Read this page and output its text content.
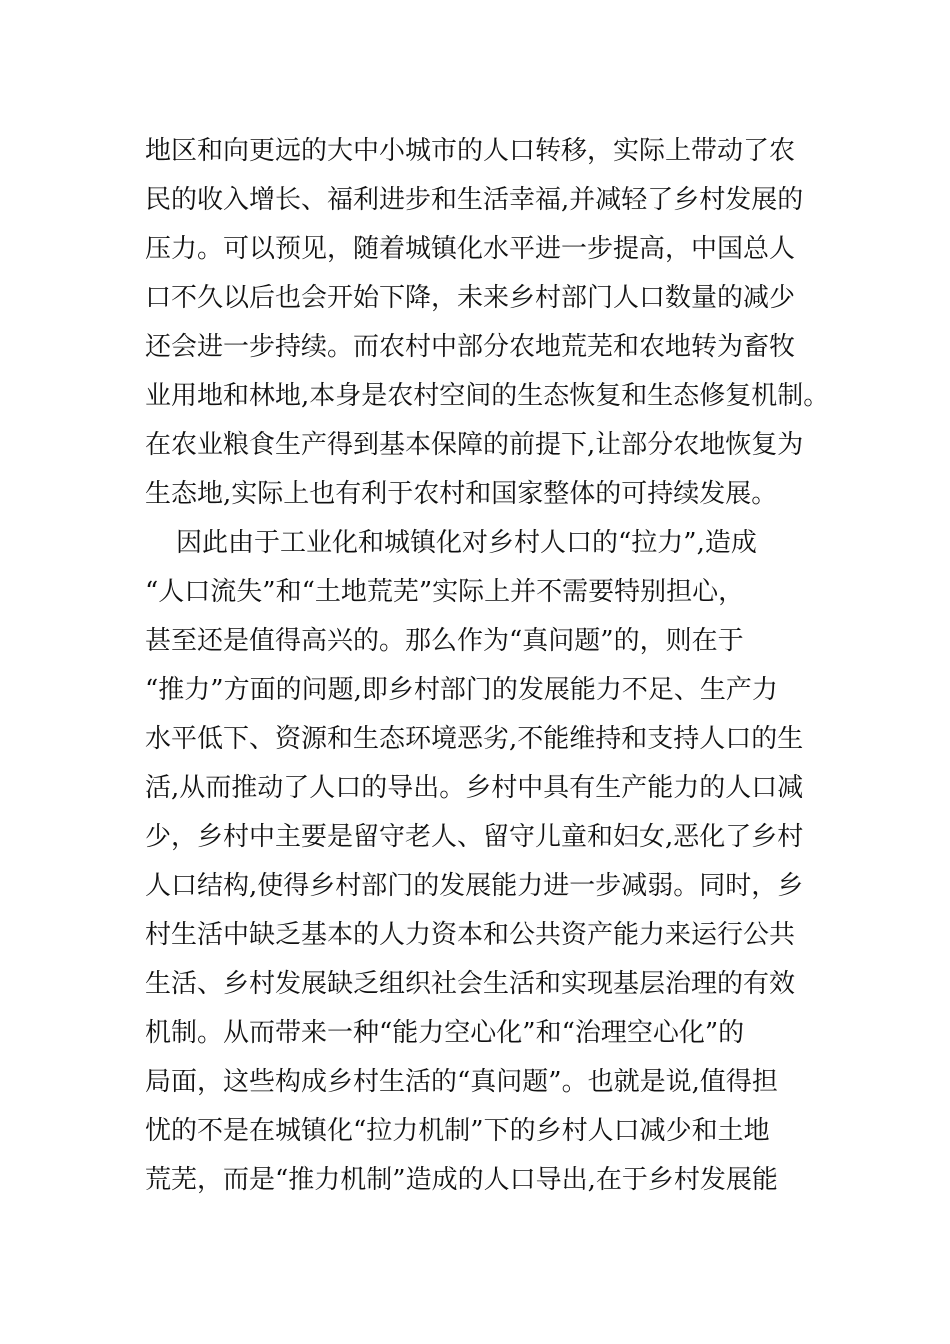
地区和向更远的大中小城市的人口转移，实际上带动了农
民的收入增长、福利进步和生活幸福,并减轻了乡村发展的
压力。可以预见，随着城镇化水平进一步提高，中国总人
口不久以后也会开始下降，未来乡村部门人口数量的减少
还会进一步持续。而农村中部分农地荒芜和农地转为畜牧
业用地和林地,本身是农村空间的生态恢复和生态修复机制。
在农业粮食生产得到基本保障的前提下,让部分农地恢复为
生态地,实际上也有利于农村和国家整体的可持续发展。
因此由于工业化和城镇化对乡村人口的“拉力”,造成
“人口流失”和“土地荒芜”实际上并不需要特别担心，
甚至还是值得高兴的。那么作为“真问题”的，则在于
“推力”方面的问题,即乡村部门的发展能力不足、生产力
水平低下、资源和生态环境恶劣,不能维持和支持人口的生
活,从而推动了人口的导出。乡村中具有生产能力的人口减
少，乡村中主要是留守老人、留守儿童和妇女,恶化了乡村
人口结构,使得乡村部门的发展能力进一步减弱。同时，乡
村生活中缺乏基本的人力资本和公共资产能力来运行公共
生活、乡村发展缺乏组织社会生活和实现基层治理的有效
机制。从而带来一种“能力空心化”和“治理空心化”的
局面，这些构成乡村生活的“真问题”。也就是说,值得担
忧的不是在城镇化“拉力机制”下的乡村人口减少和土地
荒芜，而是“推力机制”造成的人口导出,在于乡村发展能
